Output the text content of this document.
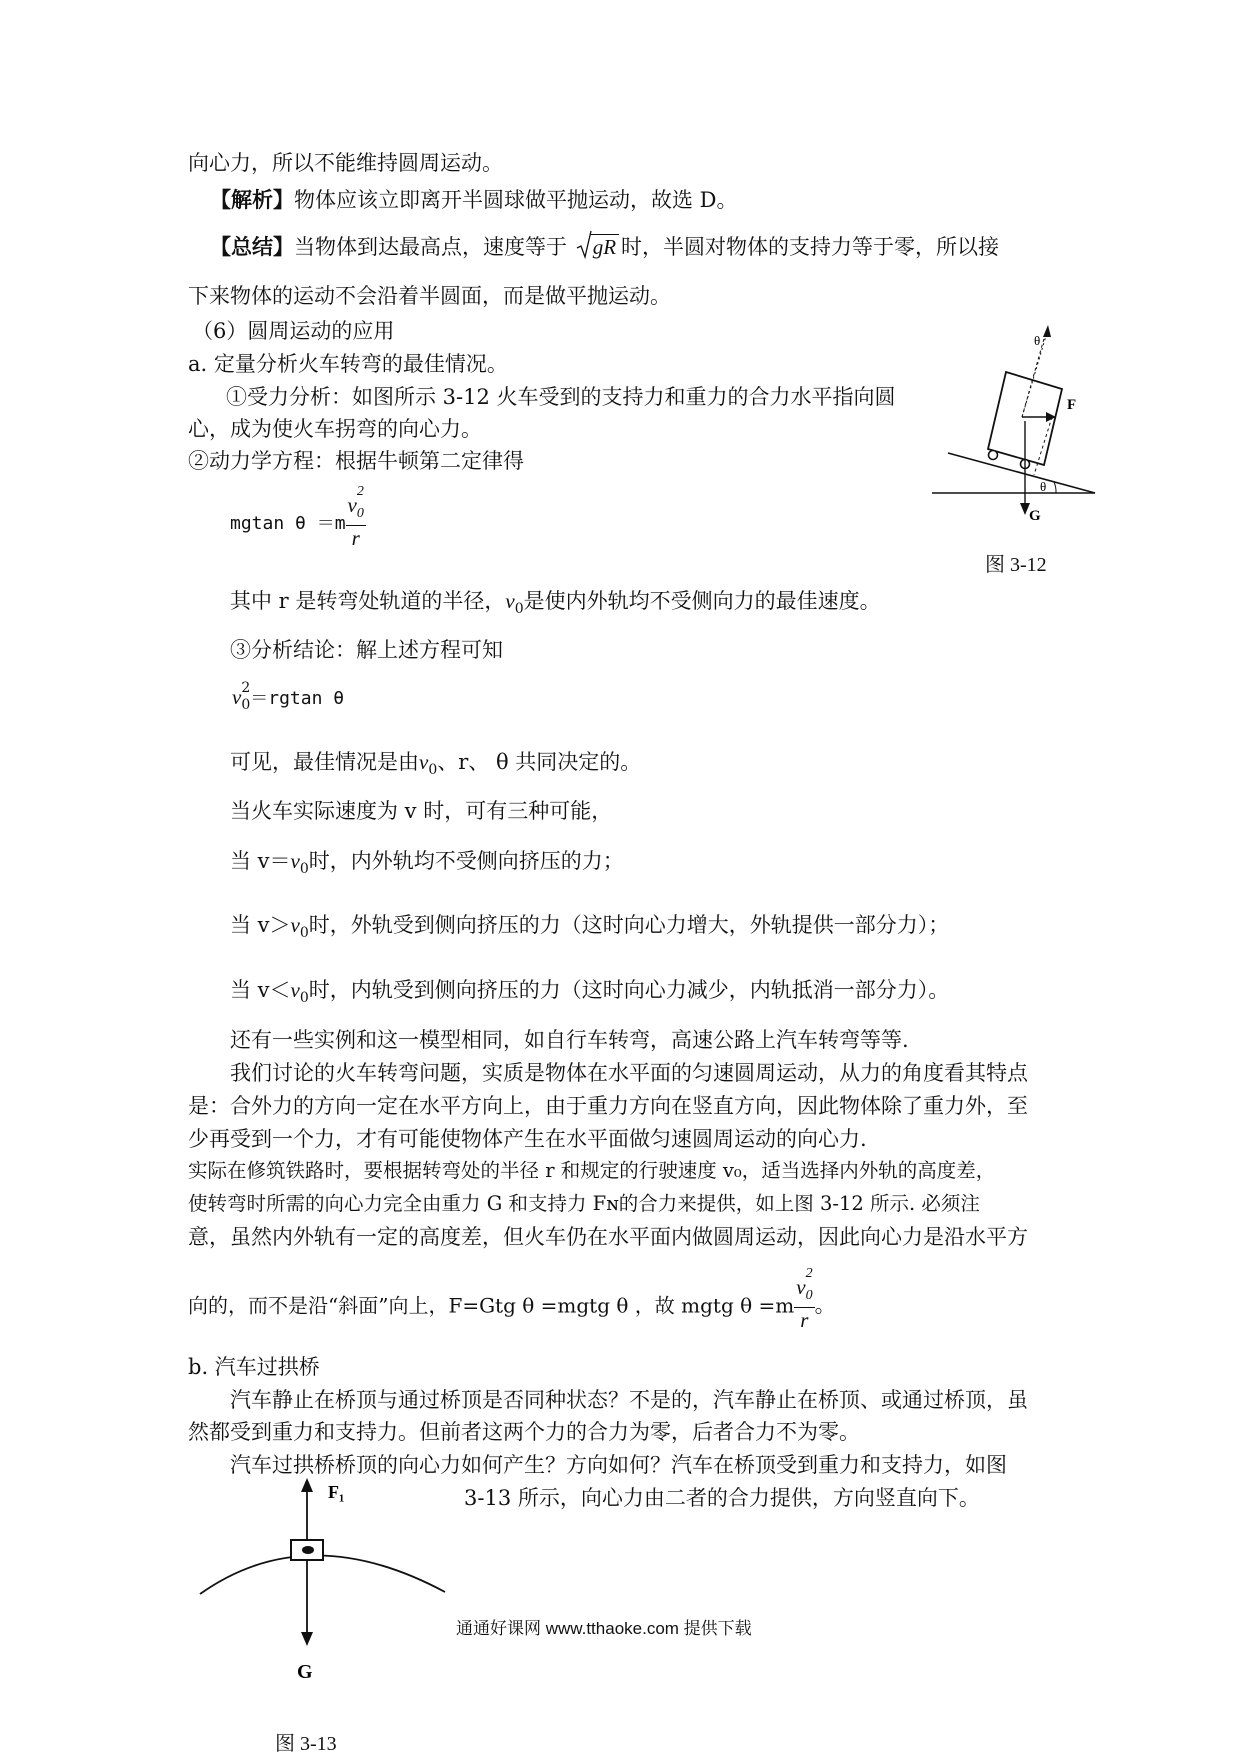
向心力，所以不能维持圆周运动。
【解析】物体应该立即离开半圆球做平抛运动，故选 D。
【总结】当物体到达最高点，速度等于 gR 时，半圆对物体的支持力等于零，所以接
下来物体的运动不会沿着半圆面，而是做平抛运动。
（6）圆周运动的应用
a. 定量分析火车转弯的最佳情况。
①受力分析：如图所示 3-12 火车受到的支持力和重力的合力水平指向圆
心，成为使火车拐弯的向心力。
②动力学方程：根据牛顿第二定律得
mgtan θ ＝m v
2
$_0$
r
其中 r 是转弯处轨道的半径，$v_0$是使内外轨均不受侧向力的最佳速度。
③分析结论：解上述方程可知
v 2
$_0$＝rgtan θ
可见，最佳情况是由$v_0$、r、 θ 共同决定的。
当火车实际速度为 v 时，可有三种可能，
当 $v=v_0$时，内外轨均不受侧向挤压的力；
当 $v>v_0$时，外轨受到侧向挤压的力（这时向心力增大，外轨提供一部分力）；
当 $v<v_0$时，内轨受到侧向挤压的力（这时向心力减少，内轨抵消一部分力）。
还有一些实例和这一模型相同，如自行车转弯，高速公路上汽车转弯等等.
我们讨论的火车转弯问题，实质是物体在水平面的匀速圆周运动，从力的角度看其特点
是：合外力的方向一定在水平方向上，由于重力方向在竖直方向，因此物体除了重力外，至
少再受到一个力，才有可能使物体产生在水平面做匀速圆周运动的向心力.
实际在修筑铁路时，要根据转弯处的半径 r 和规定的行驶速度 v₀，适当选择内外轨的高度差，
使转弯时所需的向心力完全由重力 G 和支持力 Fɴ的合力来提供，如上图 3-12 所示. 必须注
意，虽然内外轨有一定的高度差，但火车仍在水平面内做圆周运动，因此向心力是沿水平方
向的，而不是沿“斜面”向上，F=Gtg θ =mgtg θ ，故 mgtg θ =m v
2
$_0$
r 。
b. 汽车过拱桥
汽车静止在桥顶与通过桥顶是否同种状态？不是的，汽车静止在桥顶、或通过桥顶，虽
然都受到重力和支持力。但前者这两个力的合力为零，后者合力不为零。
汽车过拱桥桥顶的向心力如何产生？方向如何？汽车在桥顶受到重力和支持力，如图
3-13 所示，向心力由二者的合力提供，方向竖直向下。
通通好课网 www.tthaoke.com 提供下载
θ
F
G
θ
图 3-12
F₁
G
图 3-13
